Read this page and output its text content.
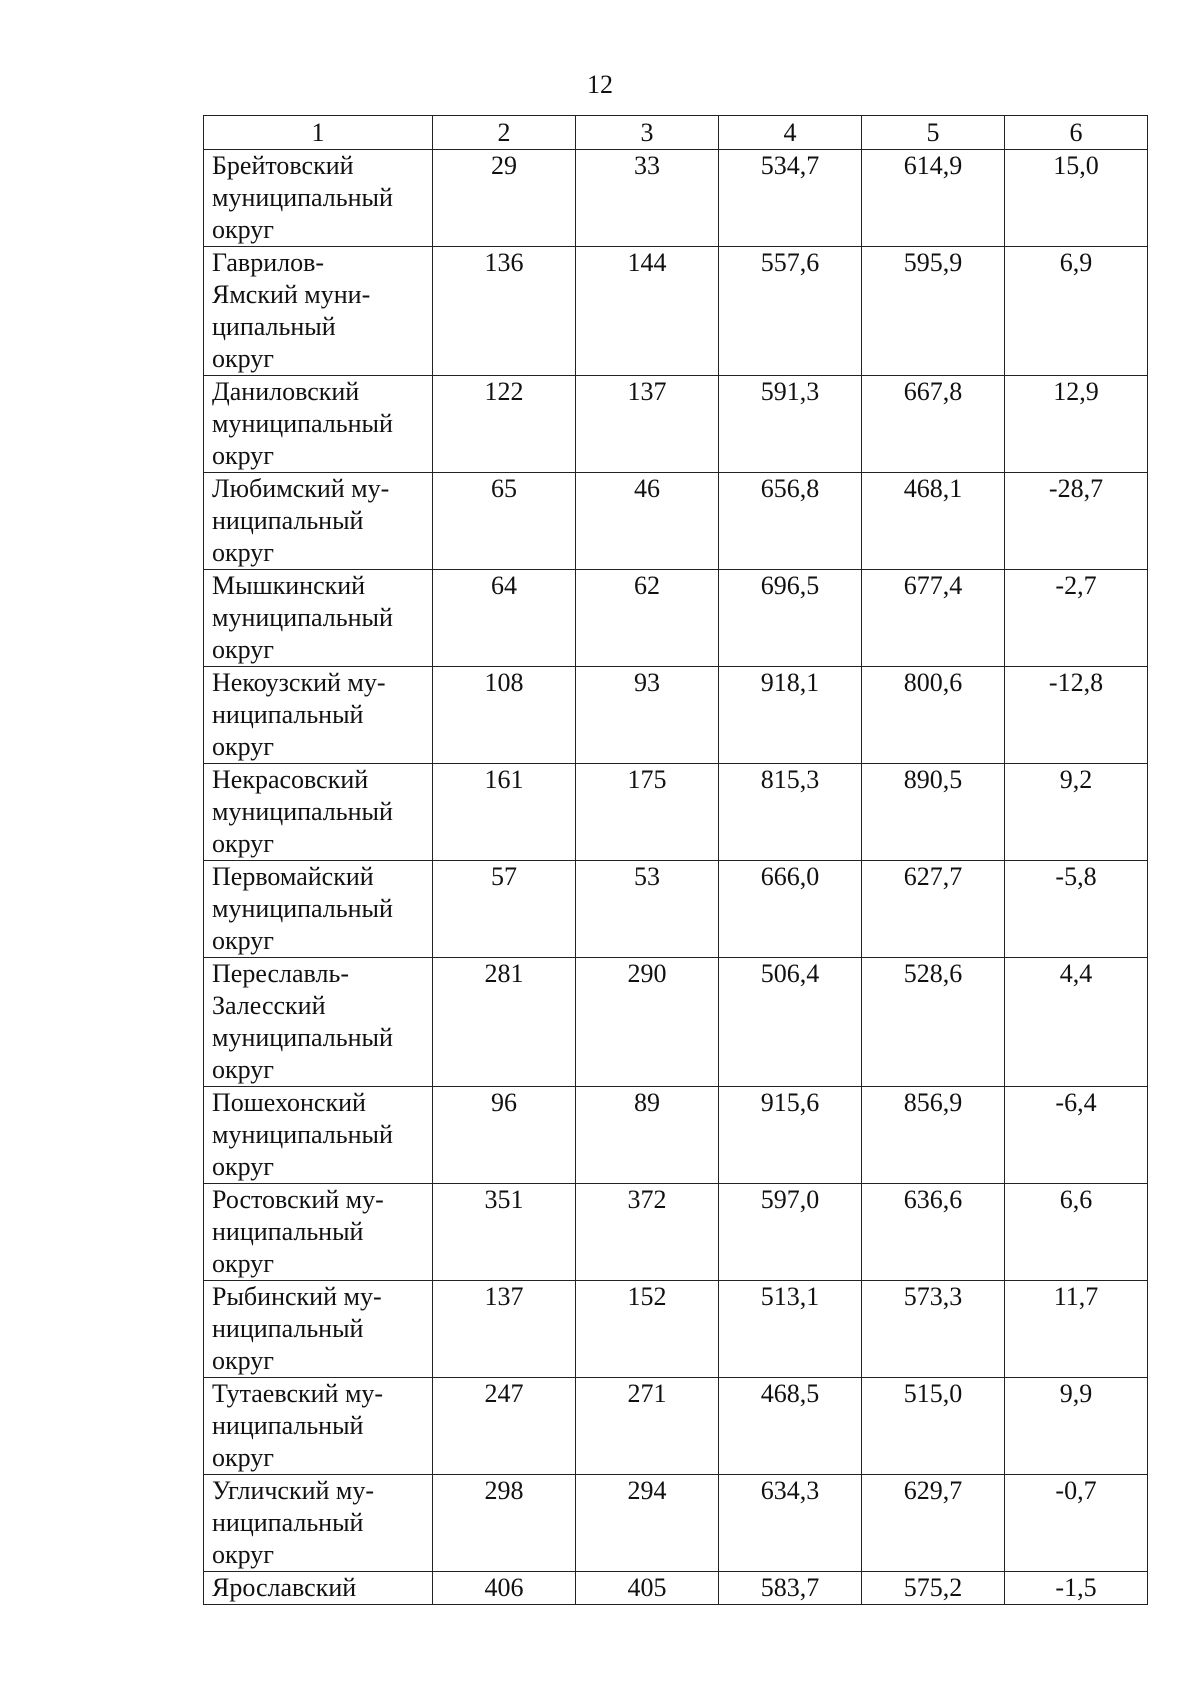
12
1	2	3	4	5	6

Брейтовский
муниципальный
округ	29	33	534,7	614,9	15,0

Гаврилов-
Ямский муни-
ципальный
округ	136	144	557,6	595,9	6,9

Даниловский
муниципальный
округ	122	137	591,3	667,8	12,9

Любимский му-
ниципальный
округ	65	46	656,8	468,1	-28,7

Мышкинский
муниципальный
округ	64	62	696,5	677,4	-2,7

Некоузский му-
ниципальный
округ	108	93	918,1	800,6	-12,8

Некрасовский
муниципальный
округ	161	175	815,3	890,5	9,2

Первомайский
муниципальный
округ	57	53	666,0	627,7	-5,8

Переславль-
Залесский
муниципальный
округ	281	290	506,4	528,6	4,4

Пошехонский
муниципальный
округ	96	89	915,6	856,9	-6,4

Ростовский му-
ниципальный
округ	351	372	597,0	636,6	6,6

Рыбинский му-
ниципальный
округ	137	152	513,1	573,3	11,7

Тутаевский му-
ниципальный
округ	247	271	468,5	515,0	9,9

Угличский му-
ниципальный
округ	298	294	634,3	629,7	-0,7

Ярославский	406	405	583,7	575,2	-1,5
